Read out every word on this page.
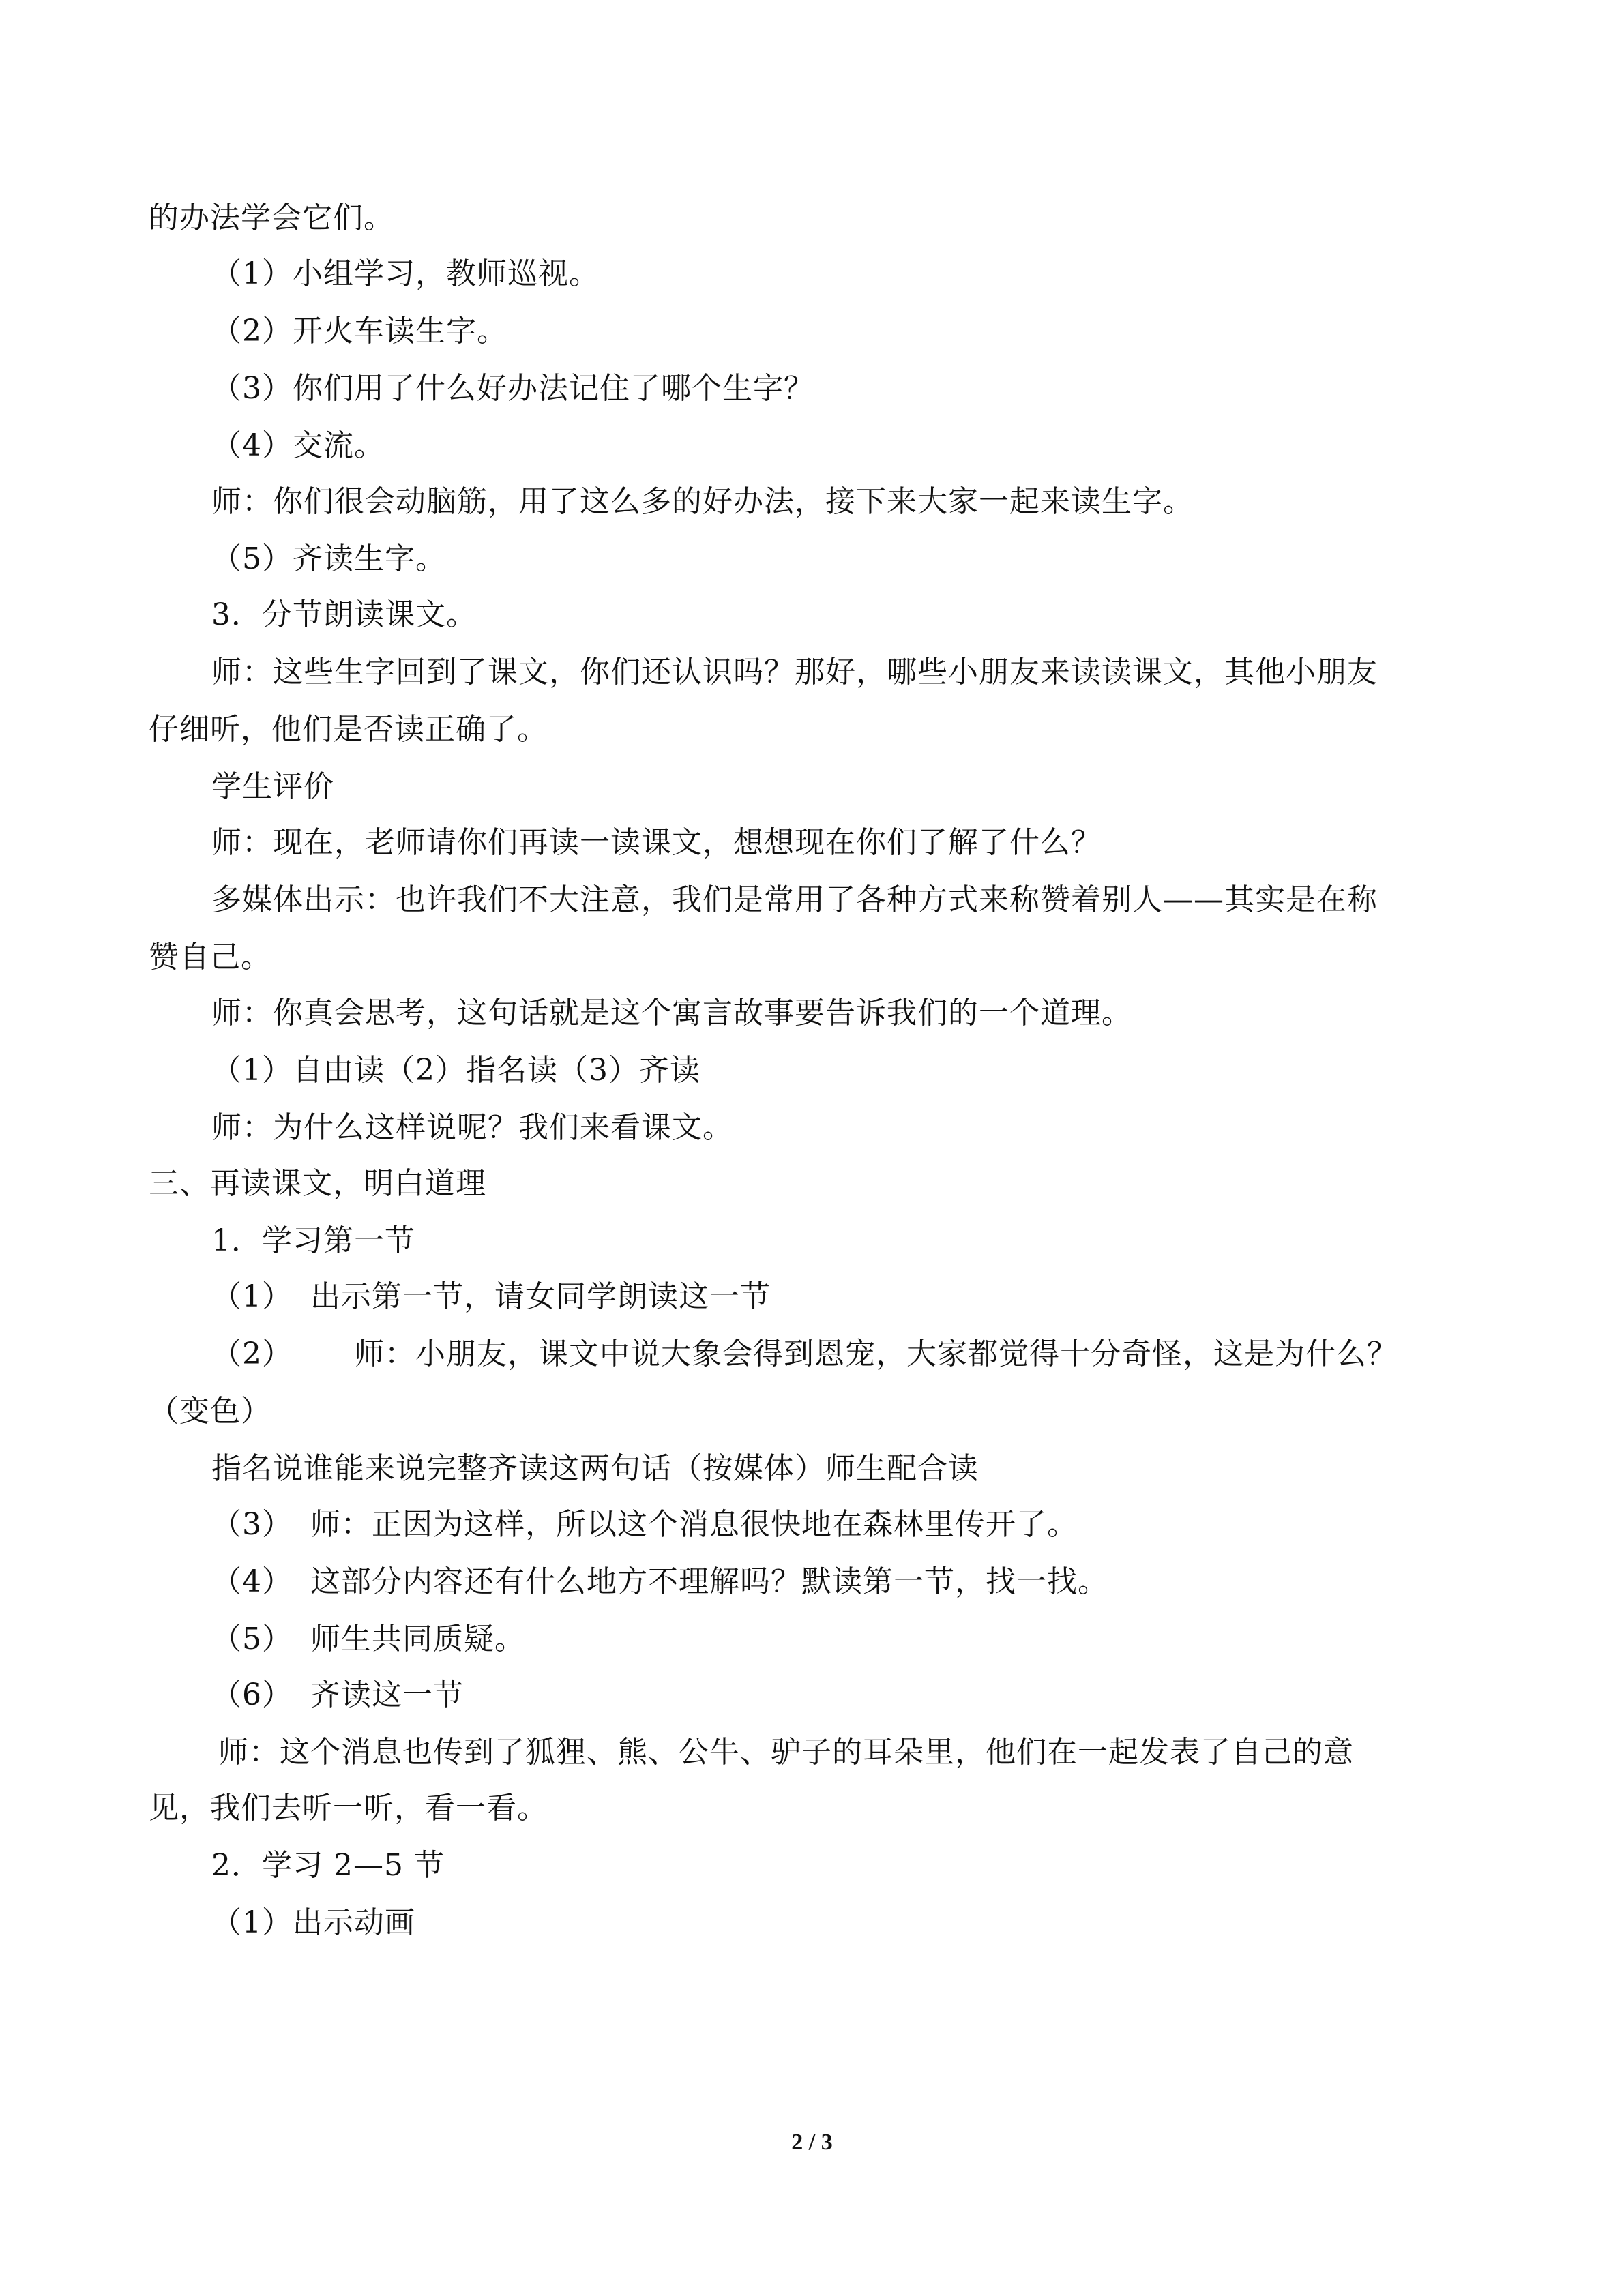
的办法学会它们。
（1）小组学习，教师巡视。
（2）开火车读生字。
（3）你们用了什么好办法记住了哪个生字？
（4）交流。
师：你们很会动脑筋，用了这么多的好办法，接下来大家一起来读生字。
（5）齐读生字。
3．分节朗读课文。
师：这些生字回到了课文，你们还认识吗？那好，哪些小朋友来读读课文，其他小朋友
仔细听，他们是否读正确了。
学生评价
师：现在，老师请你们再读一读课文，想想现在你们了解了什么？
多媒体出示：也许我们不大注意，我们是常用了各种方式来称赞着别人——其实是在称
赞自己。
师：你真会思考，这句话就是这个寓言故事要告诉我们的一个道理。
（1）自由读（2）指名读（3）齐读
师：为什么这样说呢？我们来看课文。
三、再读课文，明白道理
1．学习第一节
（1） 出示第一节，请女同学朗读这一节
（2） 师：小朋友，课文中说大象会得到恩宠，大家都觉得十分奇怪，这是为什么？
（变色）
指名说谁能来说完整齐读这两句话（按媒体）师生配合读
（3） 师：正因为这样，所以这个消息很快地在森林里传开了。
（4） 这部分内容还有什么地方不理解吗？默读第一节，找一找。
（5） 师生共同质疑。
（6） 齐读这一节
师：这个消息也传到了狐狸、熊、公牛、驴子的耳朵里，他们在一起发表了自己的意
见，我们去听一听，看一看。
2．学习 2—5 节
（1）出示动画
2 / 3
